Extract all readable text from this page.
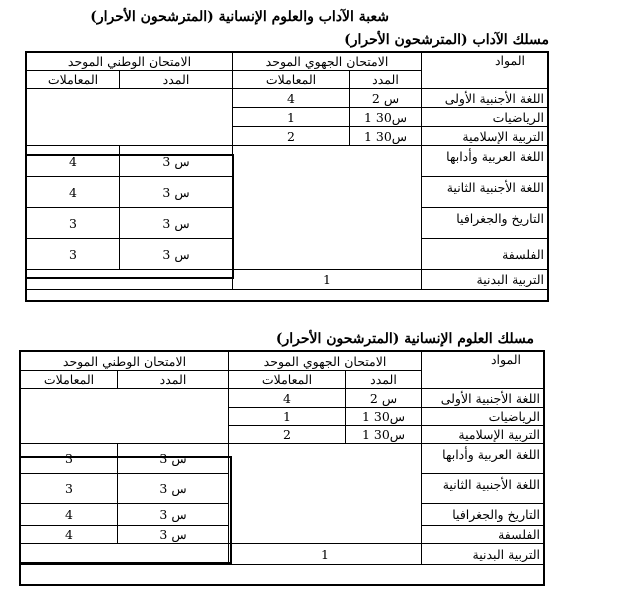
شعبة الآداب والعلوم الإنسانية (المترشحون الأحرار)
مسلك الآداب (المترشحون الأحرار)
الامتحان الوطني الموحد		الامتحان الجهوي الموحد		المواد
المعاملات	المدد	المعاملات	المدد	
		4	2 س	اللغة الأجنبية الأولى
		1	1 س30	الرياضيات
		2	1 س30	التربية الإسلامية
4	3 س			اللغة العربية وأدابها
4	3 س			اللغة الأجنبية الثانية
3	3 س			التاريخ والجغرافيا
3	3 س			الفلسفة
		1		التربية البدنية
مسلك العلوم الإنسانية (المترشحون الأحرار)
الامتحان الوطني الموحد		الامتحان الجهوي الموحد		المواد
المعاملات	المدد	المعاملات	المدد	
		4	2 س	اللغة الأجنبية الأولى
		1	1 س30	الرياضيات
		2	1 س30	التربية الإسلامية
3	3 س			اللغة العربية وأدابها
3	3 س			اللغة الأجنبية الثانية
4	3 س			التاريخ والجغرافيا
4	3 س			الفلسفة
		1		التربية البدنية
